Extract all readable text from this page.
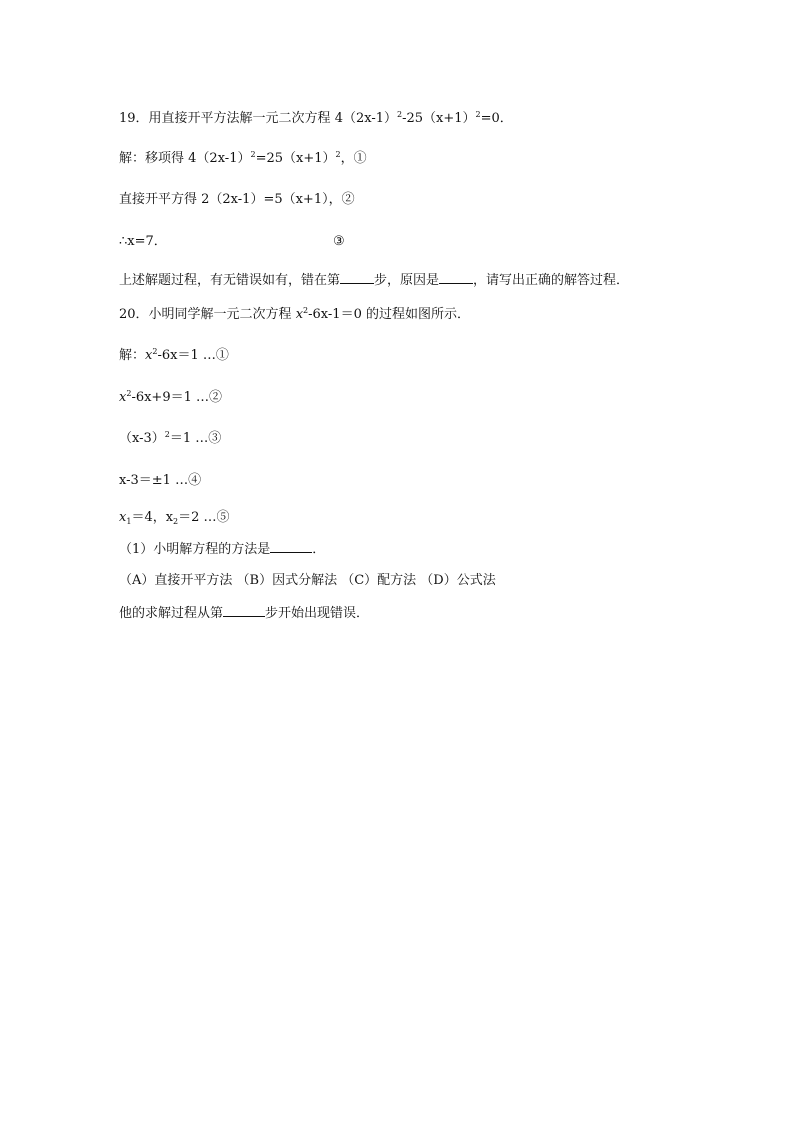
19．用直接开平方法解一元二次方程 $4(2x-1)^2-25(x+1)^2=0$．
解：移项得 $4(2x-1)^2=25(x+1)^2$，①
直接开平方得 2（2x-1）=5（x+1），②
∴x=7．	③
上述解题过程，有无错误如有，错在第	步，原因是	，请写出正确的解答过程．
20．小明同学解一元二次方程 $x^2-6x-1=0$ 的过程如图所示．
解：$x^2-6x=1$ …①
$x^2-6x+9=1$ …②
$(x-3)^2=1$ …③
x-3＝±1 …④
$x_1=4$，$x_2=2$ …⑤
（1）小明解方程的方法是	．
（A）直接开平方法 （B）因式分解法 （C）配方法 （D）公式法
他的求解过程从第	步开始出现错误．
